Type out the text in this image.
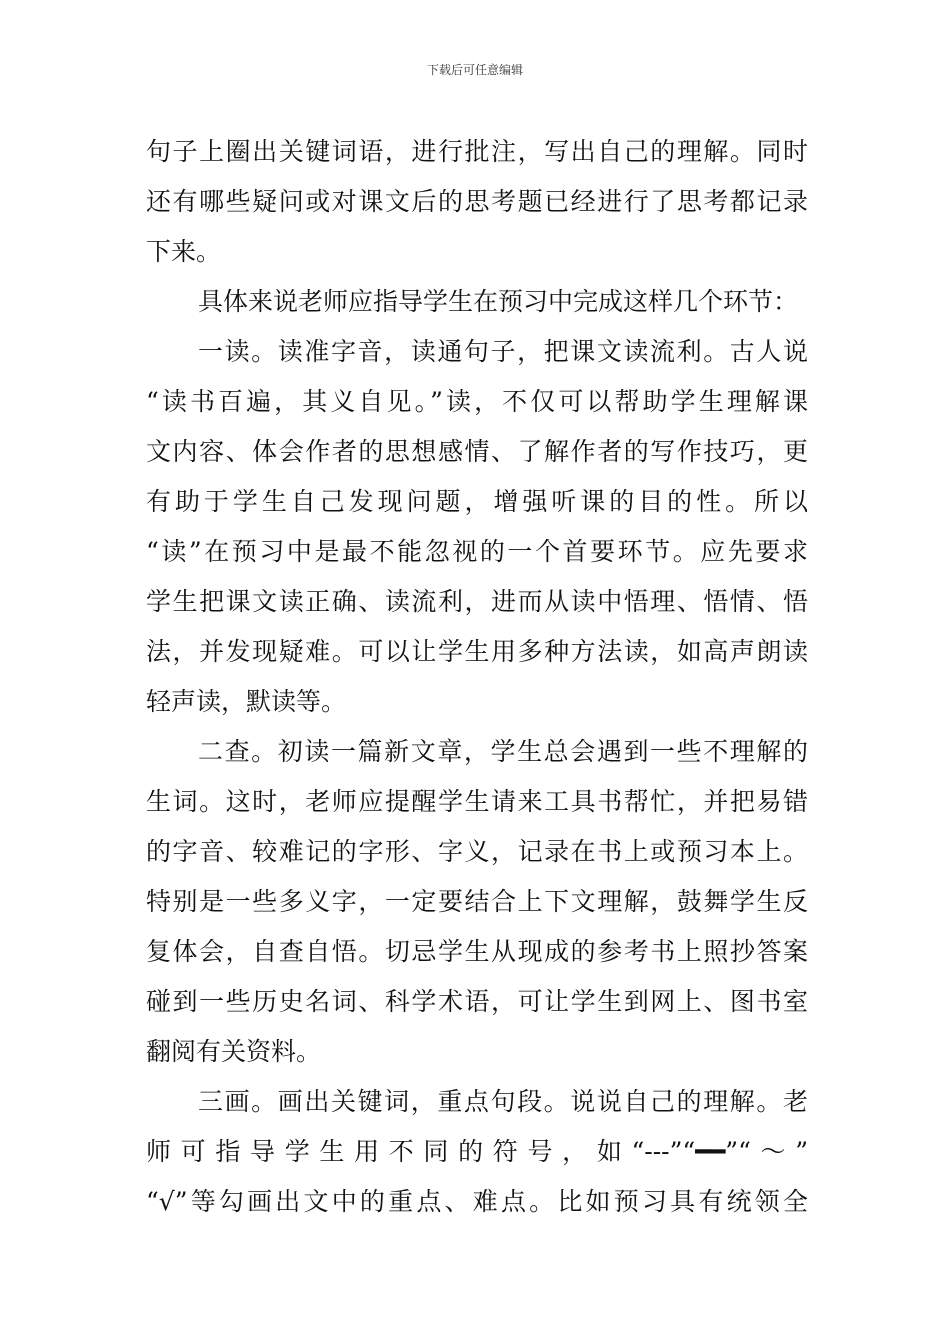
下载后可任意编辑
句子上圈出关键词语，进行批注，写出自己的理解。同时
还有哪些疑问或对课文后的思考题已经进行了思考都记录
下来。
具体来说老师应指导学生在预习中完成这样几个环节：
一读。读准字音，读通句子，把课文读流利。古人说
“读书百遍，其义自见。”读，不仅可以帮助学生理解课
文内容、体会作者的思想感情、了解作者的写作技巧，更
有助于学生自己发现问题，增强听课的目的性。所以
“读”在预习中是最不能忽视的一个首要环节。应先要求
学生把课文读正确、读流利，进而从读中悟理、悟情、悟
法，并发现疑难。可以让学生用多种方法读，如高声朗读
轻声读，默读等。
二查。初读一篇新文章，学生总会遇到一些不理解的
生词。这时，老师应提醒学生请来工具书帮忙，并把易错
的字音、较难记的字形、字义，记录在书上或预习本上。
特别是一些多义字，一定要结合上下文理解，鼓舞学生反
复体会，自查自悟。切忌学生从现成的参考书上照抄答案
碰到一些历史名词、科学术语，可让学生到网上、图书室
翻阅有关资料。
三画。画出关键词，重点句段。说说自己的理解。老
师可指导学生用不同的符号，如“---”“━━”“～”
“√”等勾画出文中的重点、难点。比如预习具有统领全
